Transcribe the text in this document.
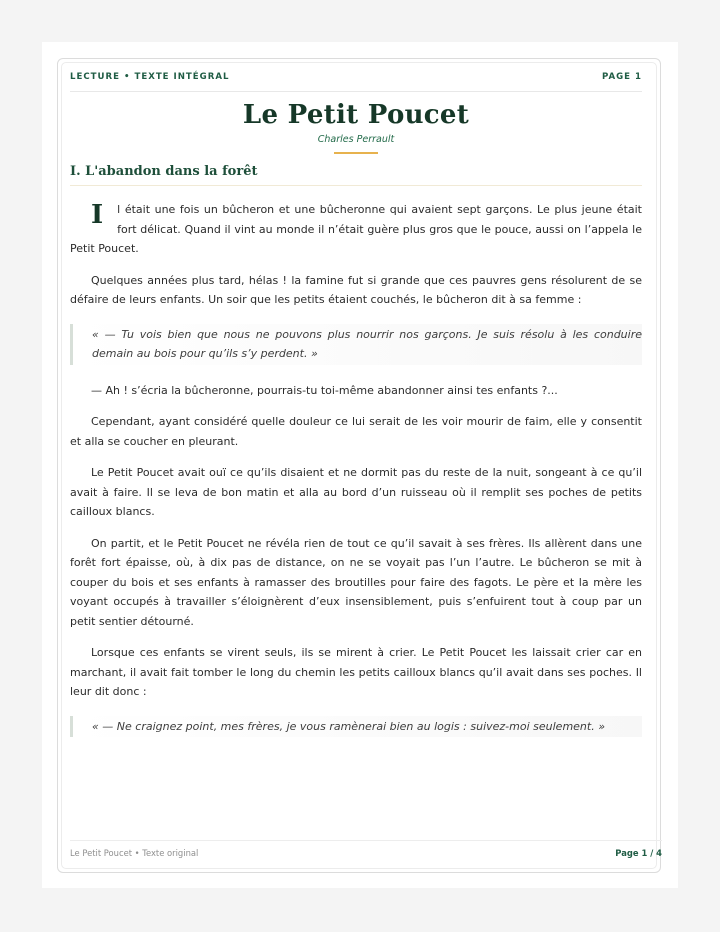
LECTURE • TEXTE INTÉGRAL	PAGE 1
Le Petit Poucet
Charles Perrault
I. L'abandon dans la forêt

I l était une fois un bûcheron et une bûcheronne qui avaient sept garçons. Le plus jeune était fort délicat. Quand il vint au monde il n’était guère plus gros que le pouce, aussi on l’appela le Petit Poucet.

Quelques années plus tard, hélas ! la famine fut si grande que ces pauvres gens résolurent de se défaire de leurs enfants. Un soir que les petits étaient couchés, le bûcheron dit à sa femme :

« — Tu vois bien que nous ne pouvons plus nourrir nos garçons. Je suis résolu à les conduire demain au bois pour qu’ils s’y perdent. »

— Ah ! s’écria la bûcheronne, pourrais-tu toi-même abandonner ainsi tes enfants ?...

Cependant, ayant considéré quelle douleur ce lui serait de les voir mourir de faim, elle y consentit et alla se coucher en pleurant.

Le Petit Poucet avait ouï ce qu’ils disaient et ne dormit pas du reste de la nuit, songeant à ce qu’il avait à faire. Il se leva de bon matin et alla au bord d’un ruisseau où il remplit ses poches de petits cailloux blancs.

On partit, et le Petit Poucet ne révéla rien de tout ce qu’il savait à ses frères. Ils allèrent dans une forêt fort épaisse, où, à dix pas de distance, on ne se voyait pas l’un l’autre. Le bûcheron se mit à couper du bois et ses enfants à ramasser des broutilles pour faire des fagots. Le père et la mère les voyant occupés à travailler s’éloignèrent d’eux insensiblement, puis s’enfuirent tout à coup par un petit sentier détourné.

Lorsque ces enfants se virent seuls, ils se mirent à crier. Le Petit Poucet les laissait crier car en marchant, il avait fait tomber le long du chemin les petits cailloux blancs qu’il avait dans ses poches. Il leur dit donc :

« — Ne craignez point, mes frères, je vous ramènerai bien au logis : suivez-moi seulement. »
Le Petit Poucet • Texte original	Page 1 / 4
